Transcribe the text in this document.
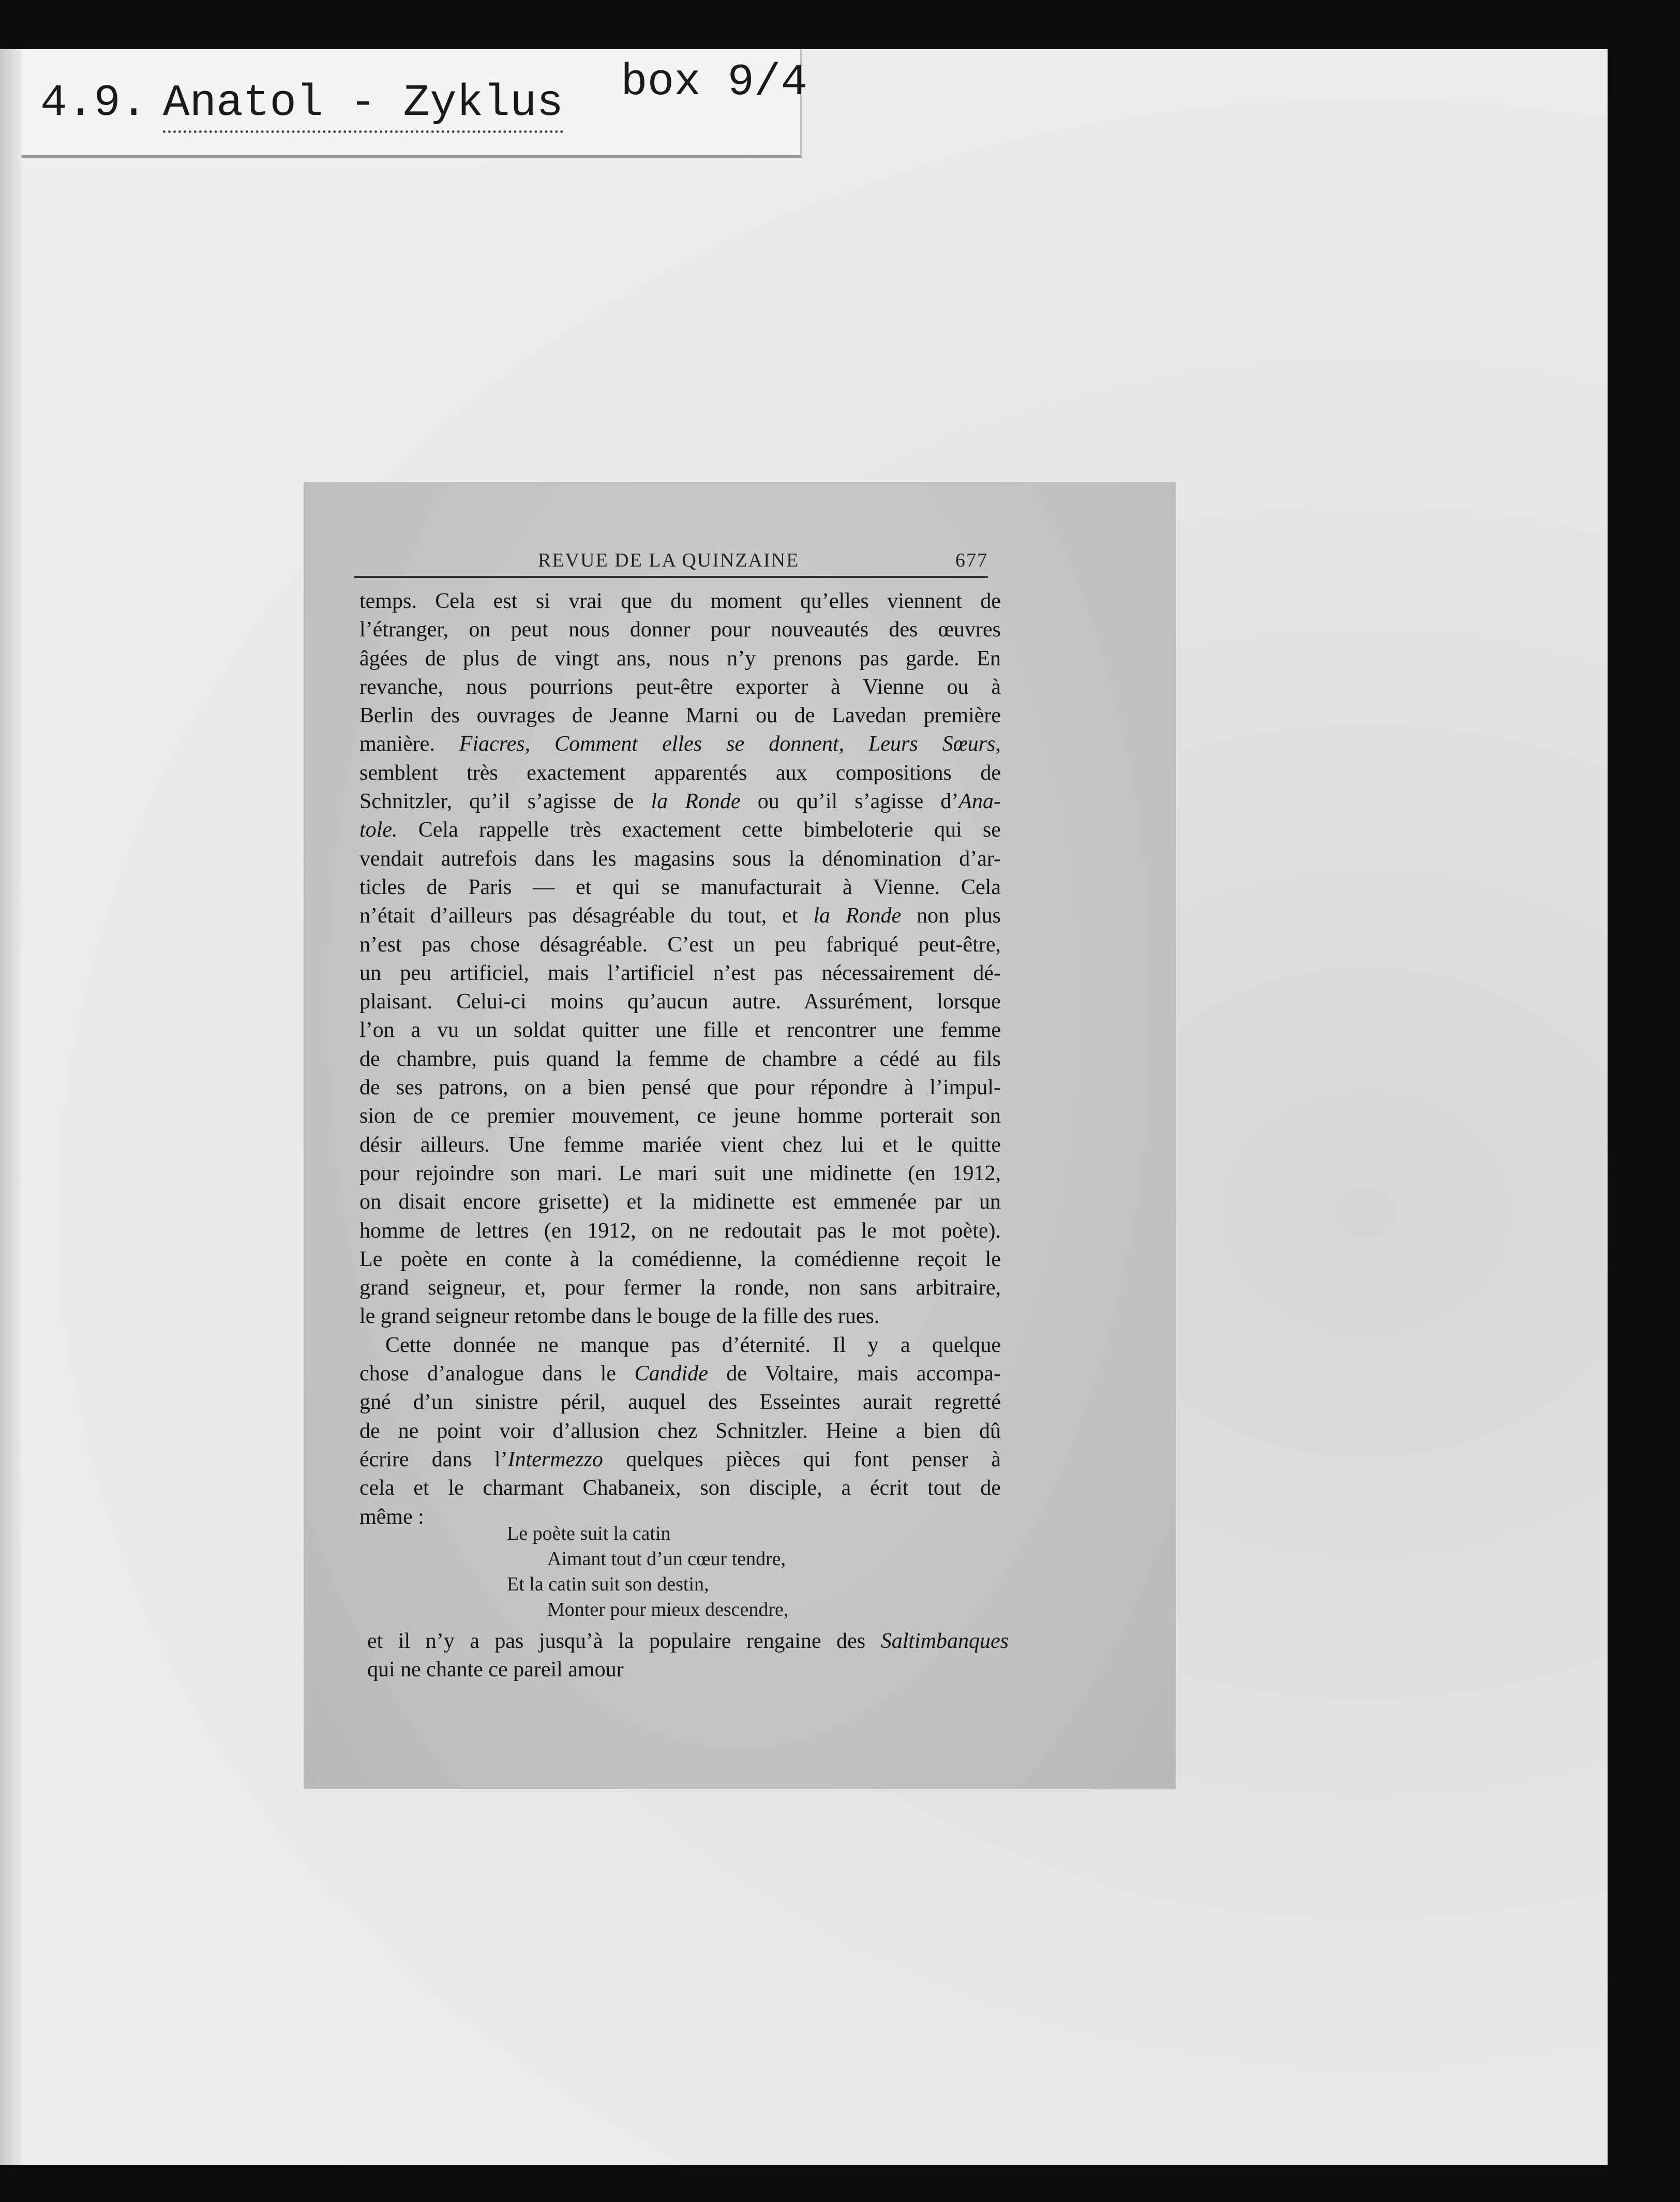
4.9. Anatol - Zyklus box 9/4
REVUE DE LA QUINZAINE	677
temps. Cela est si vrai que du moment qu’elles viennent de
l’étranger, on peut nous donner pour nouveautés des œuvres
âgées de plus de vingt ans, nous n’y prenons pas garde. En
revanche, nous pourrions peut-être exporter à Vienne ou à
Berlin des ouvrages de Jeanne Marni ou de Lavedan première
manière. Fiacres, Comment elles se donnent, Leurs Sœurs,
semblent très exactement apparentés aux compositions de
Schnitzler, qu’il s’agisse de la Ronde ou qu’il s’agisse d’Ana-
tole. Cela rappelle très exactement cette bimbeloterie qui se
vendait autrefois dans les magasins sous la dénomination d’ar-
ticles de Paris — et qui se manufacturait à Vienne. Cela
n’était d’ailleurs pas désagréable du tout, et la Ronde non plus
n’est pas chose désagréable. C’est un peu fabriqué peut-être,
un peu artificiel, mais l’artificiel n’est pas nécessairement dé-
plaisant. Celui-ci moins qu’aucun autre. Assurément, lorsque
l’on a vu un soldat quitter une fille et rencontrer une femme
de chambre, puis quand la femme de chambre a cédé au fils
de ses patrons, on a bien pensé que pour répondre à l’impul-
sion de ce premier mouvement, ce jeune homme porterait son
désir ailleurs. Une femme mariée vient chez lui et le quitte
pour rejoindre son mari. Le mari suit une midinette (en 1912,
on disait encore grisette) et la midinette est emmenée par un
homme de lettres (en 1912, on ne redoutait pas le mot poète).
Le poète en conte à la comédienne, la comédienne reçoit le
grand seigneur, et, pour fermer la ronde, non sans arbitraire,
le grand seigneur retombe dans le bouge de la fille des rues.
Cette donnée ne manque pas d’éternité. Il y a quelque
chose d’analogue dans le Candide de Voltaire, mais accompa-
gné d’un sinistre péril, auquel des Esseintes aurait regretté
de ne point voir d’allusion chez Schnitzler. Heine a bien dû
écrire dans l’Intermezzo quelques pièces qui font penser à
cela et le charmant Chabaneix, son disciple, a écrit tout de
même :
Le poète suit la catin
Aimant tout d’un cœur tendre,
Et la catin suit son destin,
Monter pour mieux descendre,
et il n’y a pas jusqu’à la populaire rengaine des Saltimbanques
qui ne chante ce pareil amour
